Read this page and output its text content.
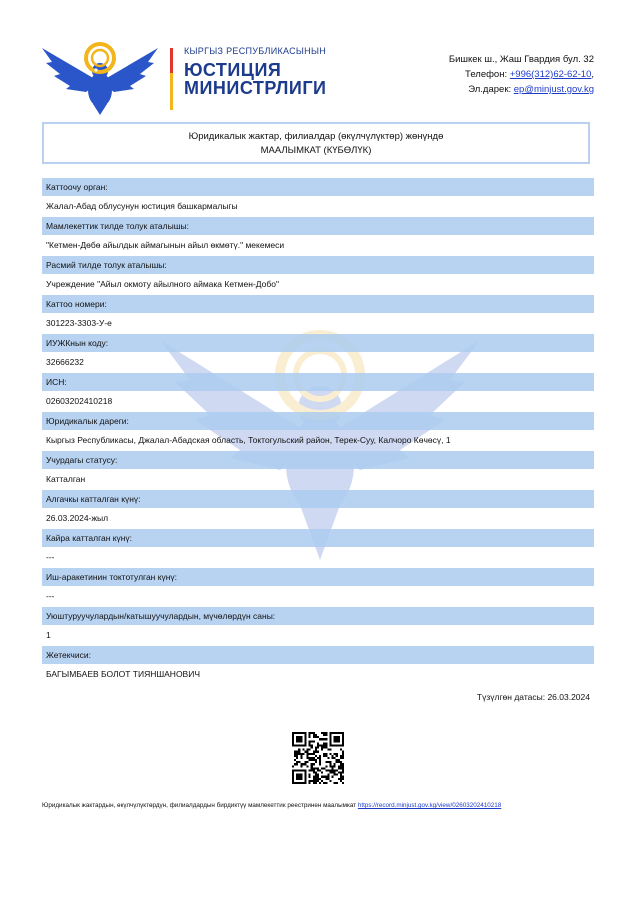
КЫРГЫЗ РЕСПУБЛИКАСЫНЫН
ЮСТИЦИЯ
МИНИСТРЛИГИ
Бишкек ш., Жаш Гвардия бул. 32
Телефон: +996(312)62-62-10,
Эл.дарек: ep@minjust.gov.kg
Юридикалык жактар, филиалдар (өкүлчүлүктөр) жөнүндө
МААЛЫМКАТ (КҮБӨЛҮК)
Каттоочу орган:
Жалал-Абад облусунун юстиция башкармалыгы
Мамлекеттик тилде толук аталышы:
"Кетмен-Дөбө айылдык аймагынын айыл өкмөтү." мекемеси
Расмий тилде толук аталышы:
Учреждение "Айыл окмоту айылного аймака Кетмен-Добо"
Каттоо номери:
301223-3303-У-е
ИУЖКнын коду:
32666232
ИСН:
02603202410218
Юридикалык дареги:
Кыргыз Республикасы, Джалал-Абадская область, Токтогульский район, Терек-Суу, Калчоро Көчөсү, 1
Учурдагы статусу:
Катталган
Алгачкы катталган күнү:
26.03.2024-жыл
Кайра катталган күнү:
---
Иш-аракетинин токтотулган күнү:
---
Уюштуруучулардын/катышуучулардын, мүчөлөрдүн саны:
1
Жетекчиси:
БАГЫМБАЕВ БОЛОТ ТИЯНШАНОВИЧ
Түзүлгөн датасы: 26.03.2024
Юридикалык жактардын, өкүлчүлүктөрдүн, филиалдардын бирдиктүү мамлекеттик реестринен маалымкат https://record.minjust.gov.kg/view/02603202410218
